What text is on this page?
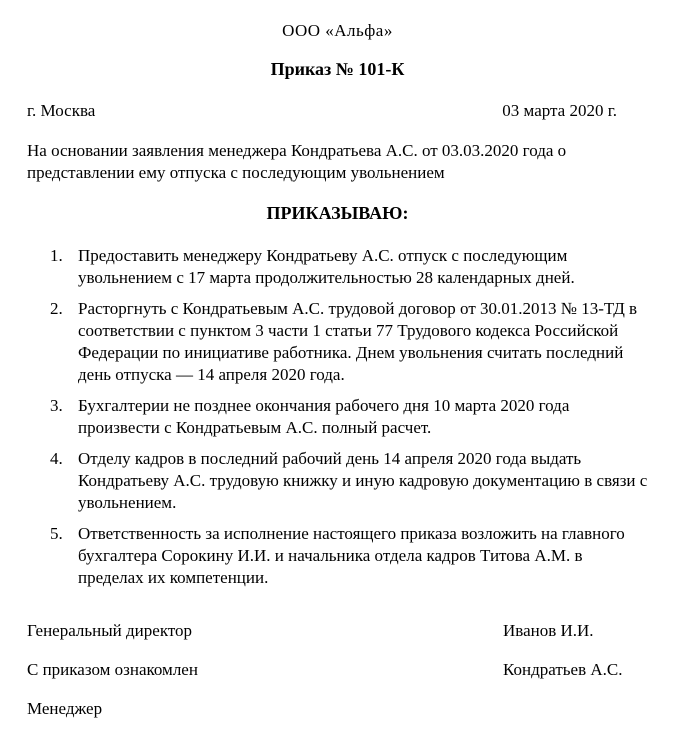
ООО «Альфа»
Приказ № 101-К
г. Москва	03 марта 2020 г.

На основании заявления менеджера Кондратьева А.С. от 03.03.2020 года о представлении ему отпуска с последующим увольнением

ПРИКАЗЫВАЮ:
1. Предоставить менеджеру Кондратьеву А.С. отпуск с последующим увольнением с 17 марта продолжительностью 28 календарных дней.
2. Расторгнуть с Кондратьевым А.С. трудовой договор от 30.01.2013 № 13-ТД в соответствии с пунктом 3 части 1 статьи 77 Трудового кодекса Российской Федерации по инициативе работника. Днем увольнения считать последний день отпуска — 14 апреля 2020 года.
3. Бухгалтерии не позднее окончания рабочего дня 10 марта 2020 года произвести с Кондратьевым А.С. полный расчет.
4. Отделу кадров в последний рабочий день 14 апреля 2020 года выдать Кондратьеву А.С. трудовую книжку и иную кадровую документацию в связи с увольнением.
5. Ответственность за исполнение настоящего приказа возложить на главного бухгалтера Сорокину И.И. и начальника отдела кадров Титова А.М. в пределах их компетенции.
Генеральный директор	Иванов И.И.
С приказом ознакомлен	Кондратьев А.С.
Менеджер
